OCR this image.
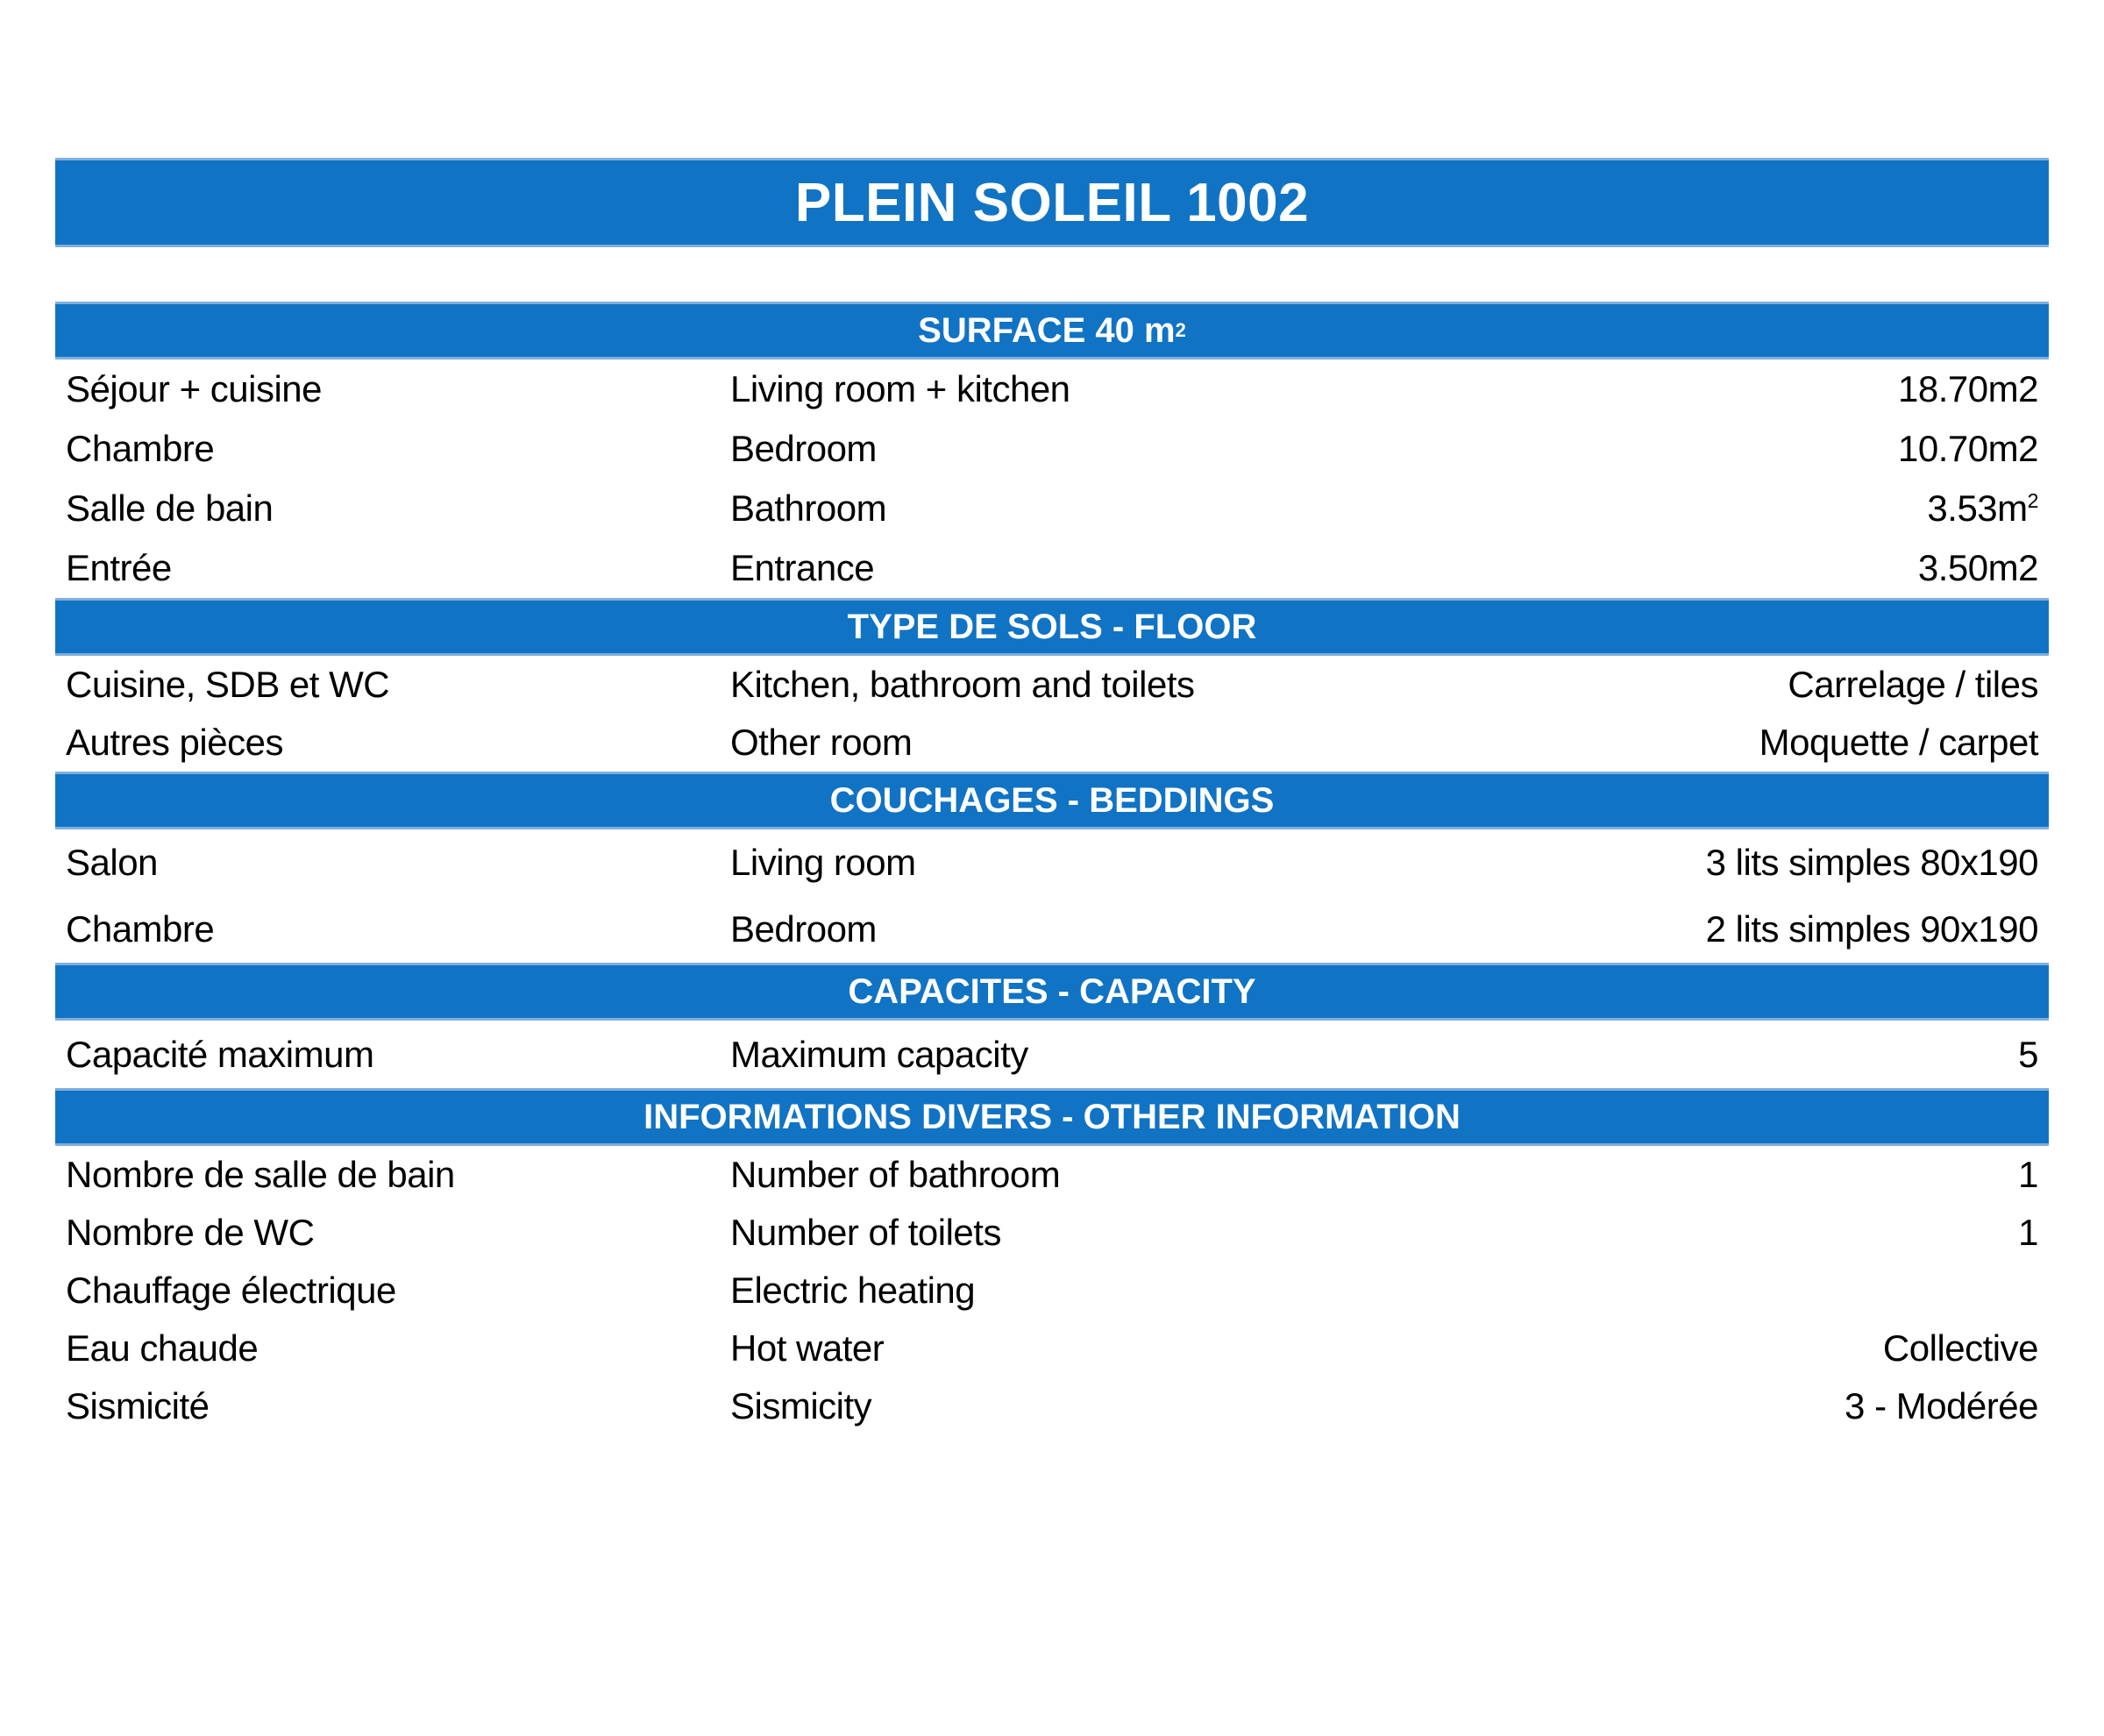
PLEIN SOLEIL 1002
SURFACE 40 m 2
Séjour + cuisine	Living room + kitchen	18.70m2
Chambre	Bedroom	10.70m2
Salle de bain	Bathroom	$3.53m^2$
Entrée	Entrance	3.50m2
TYPE DE SOLS - FLOOR
Cuisine, SDB et WC	Kitchen, bathroom and toilets	Carrelage / tiles
Autres pièces	Other room	Moquette / carpet
COUCHAGES - BEDDINGS
Salon	Living room	3 lits simples 80x190
Chambre	Bedroom	2 lits simples 90x190
CAPACITES - CAPACITY
Capacité maximum	Maximum capacity	5
INFORMATIONS DIVERS - OTHER INFORMATION
Nombre de salle de bain	Number of bathroom	1
Nombre de WC	Number of toilets	1
Chauffage électrique	Electric heating
Eau chaude	Hot water	Collective
Sismicité	Sismicity	3 - Modérée
